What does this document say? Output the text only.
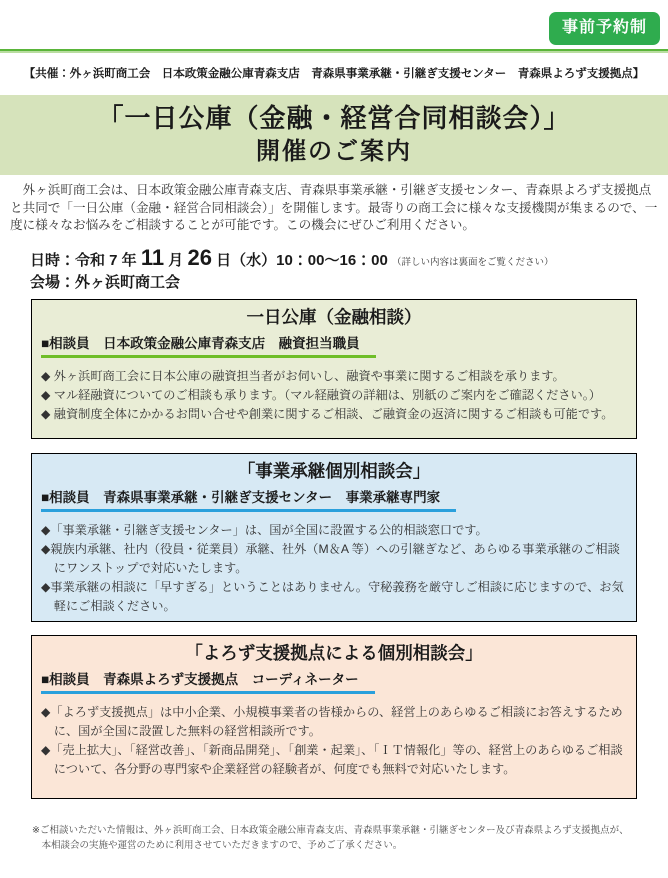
事前予約制
【共催：外ヶ浜町商工会　日本政策金融公庫青森支店　青森県事業承継・引継ぎ支援センター　青森県よろず支援拠点】
「一日公庫（金融・経営合同相談会）」
開催のご案内
　外ヶ浜町商工会は、日本政策金融公庫青森支店、青森県事業承継・引継ぎ支援センター、青森県よろず支援拠点と共同で「一日公庫（金融・経営合同相談会）」を開催します。最寄りの商工会に様々な支援機関が集まるので、一度に様々なお悩みをご相談することが可能です。この機会にぜひご利用ください。
日時：令和 7 年 11 月 26 日（水）10：00～16：00 （詳しい内容は裏面をご覧ください）
会場：外ヶ浜町商工会
一日公庫（金融相談）
■相談員　日本政策金融公庫青森支店　融資担当職員
◆ 外ヶ浜町商工会に日本公庫の融資担当者がお伺いし、融資や事業に関するご相談を承ります。
◆ マル経融資についてのご相談も承ります。（マル経融資の詳細は、別紙のご案内をご確認ください。）
◆ 融資制度全体にかかるお問い合せや創業に関するご相談、ご融資金の返済に関するご相談も可能です。
「事業承継個別相談会」
■相談員　青森県事業承継・引継ぎ支援センター　事業承継専門家
◆「事業承継・引継ぎ支援センター」は、国が全国に設置する公的相談窓口です。
◆親族内承継、社内（役員・従業員）承継、社外（M＆A 等）への引継ぎなど、あらゆる事業承継のご相談にワンストップで対応いたします。
◆事業承継の相談に「早すぎる」ということはありません。守秘義務を厳守しご相談に応じますので、お気軽にご相談ください。
「よろず支援拠点による個別相談会」
■相談員　青森県よろず支援拠点　コーディネーター
◆「よろず支援拠点」は中小企業、小規模事業者の皆様からの、経営上のあらゆるご相談にお答えするために、国が全国に設置した無料の経営相談所です。
◆「売上拡大」、「経営改善」、「新商品開発」、「創業・起業」、「ＩＴ情報化」等の、経営上のあらゆるご相談について、各分野の専門家や企業経営の経験者が、何度でも無料で対応いたします。
※ご相談いただいた情報は、外ヶ浜町商工会、日本政策金融公庫青森支店、青森県事業承継・引継ぎセンター及び青森県よろず支援拠点が、
本相談会の実施や運営のために利用させていただきますので、予めご了承ください。
